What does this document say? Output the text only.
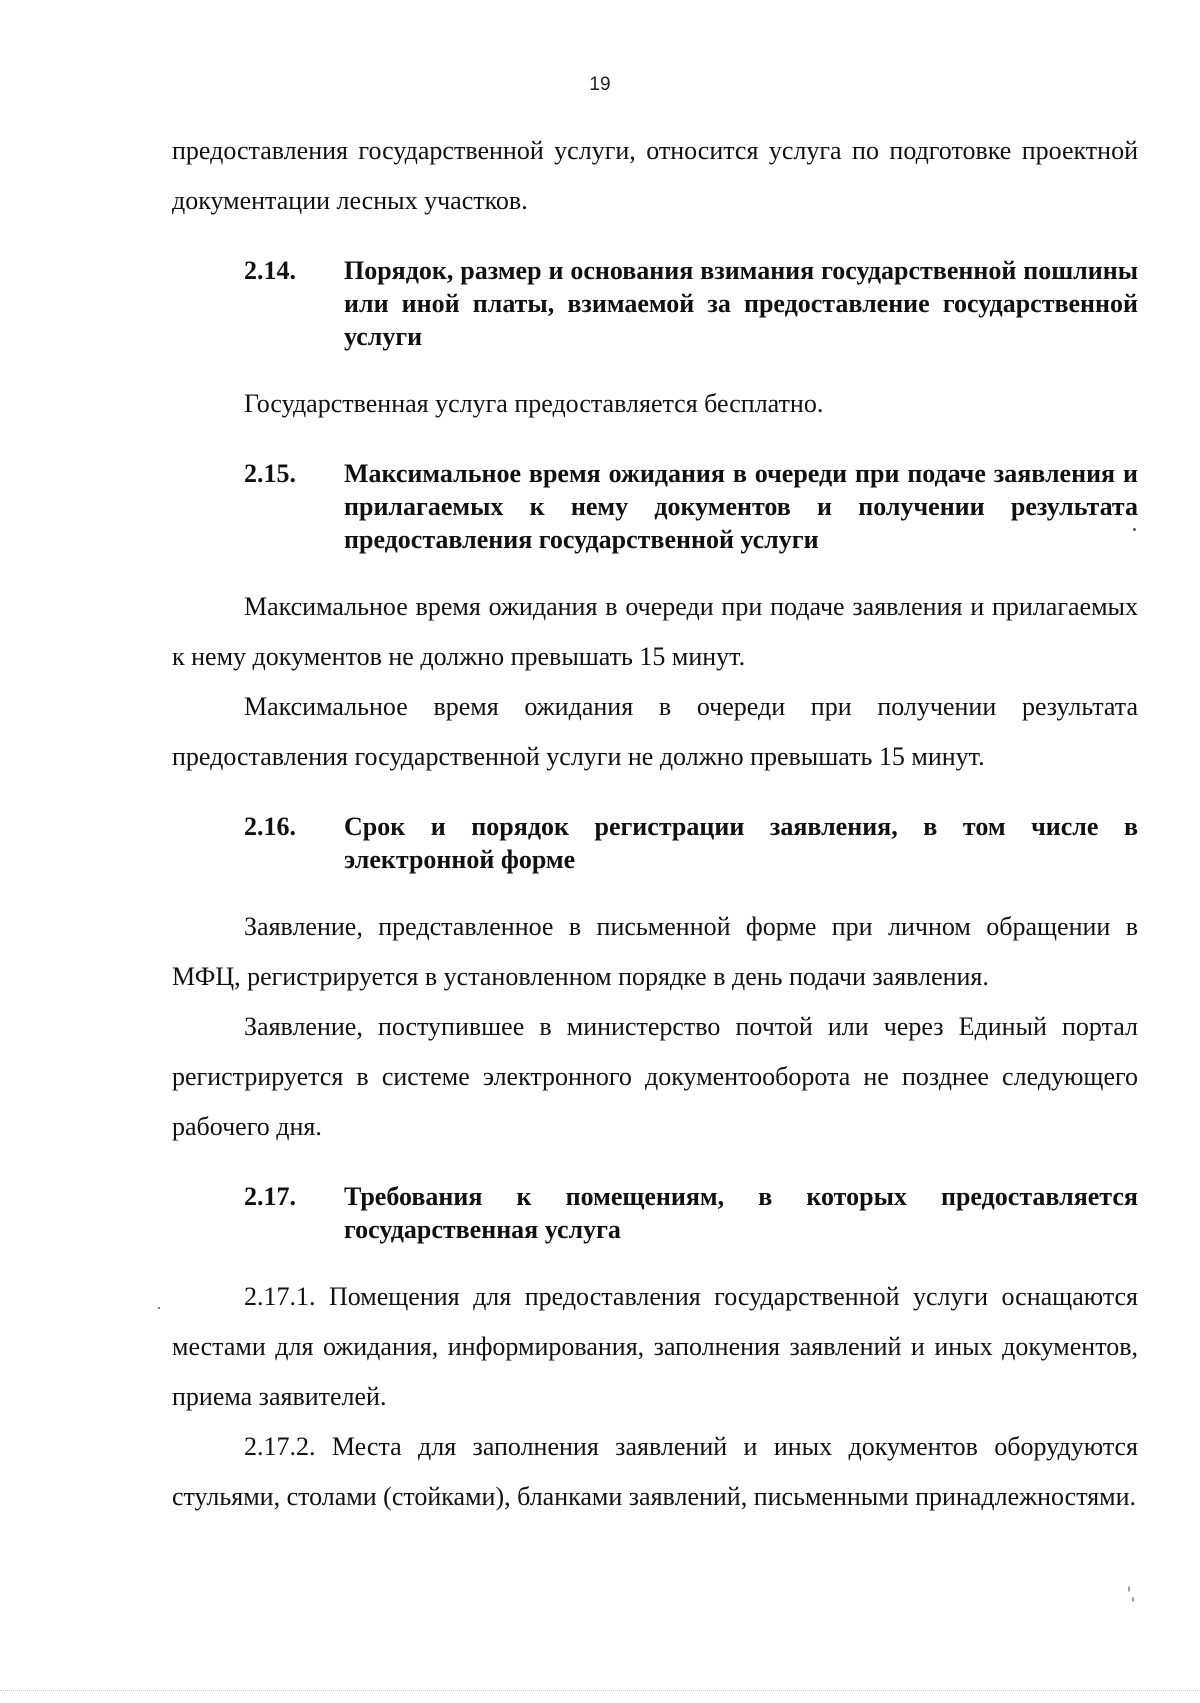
19

предоставления государственной услуги, относится услуга по подготовке проектной документации лесных участков.

2.14. Порядок, размер и основания взимания государственной пошлины или иной платы, взимаемой за предоставление государственной услуги

Государственная услуга предоставляется бесплатно.

2.15. Максимальное время ожидания в очереди при подаче заявления и прилагаемых к нему документов и получении результата предоставления государственной услуги

Максимальное время ожидания в очереди при подаче заявления и прилагаемых к нему документов не должно превышать 15 минут.

Максимальное время ожидания в очереди при получении результата предоставления государственной услуги не должно превышать 15 минут.

2.16. Срок и порядок регистрации заявления, в том числе в электронной форме

Заявление, представленное в письменной форме при личном обращении в МФЦ, регистрируется в установленном порядке в день подачи заявления.

Заявление, поступившее в министерство почтой или через Единый портал регистрируется в системе электронного документооборота не позднее следующего рабочего дня.

2.17. Требования к помещениям, в которых предоставляется государственная услуга

2.17.1. Помещения для предоставления государственной услуги оснащаются местами для ожидания, информирования, заполнения заявлений и иных документов, приема заявителей.

2.17.2. Места для заполнения заявлений и иных документов оборудуются стульями, столами (стойками), бланками заявлений, письменными принадлежностями.
